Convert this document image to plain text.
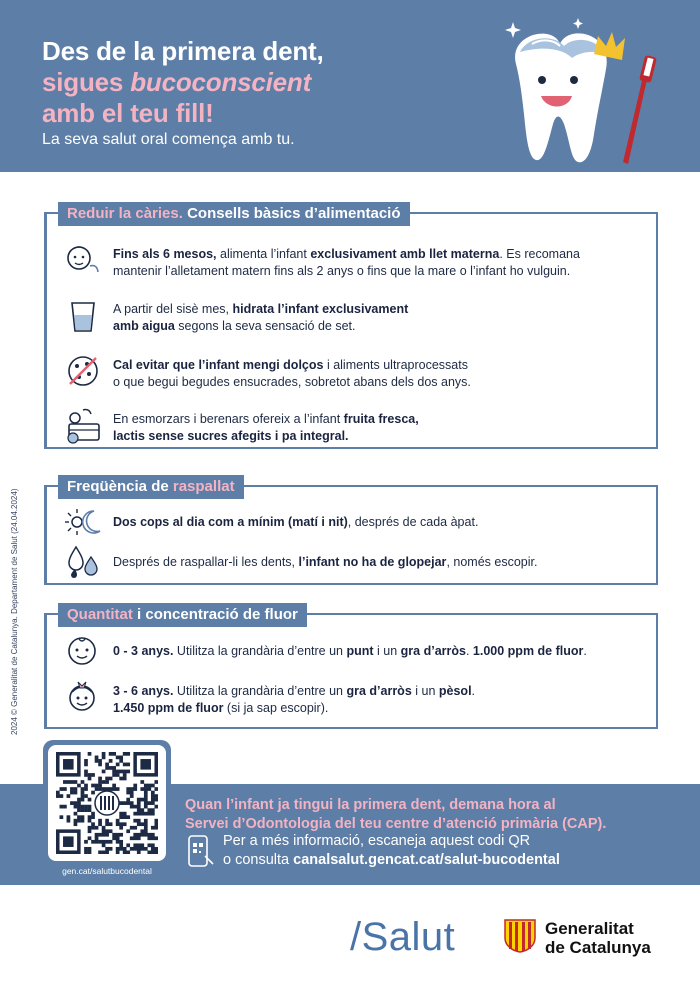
Des de la primera dent,
sigues bucoconscient
amb el teu fill!
La seva salut oral comença amb tu.
2024 © Generalitat de Catalunya. Departament de Salut (24.04.2024)
Reduir la càries. Consells bàsics d’alimentació
Fins als 6 mesos, alimenta l’infant exclusivament amb llet materna. Es recomana mantenir l’alletament matern fins als 2 anys o fins que la mare o l’infant ho vulguin.
A partir del sisè mes, hidrata l’infant exclusivament
amb aigua segons la seva sensació de set.
Cal evitar que l’infant mengi dolços i aliments ultraprocessats
o que begui begudes ensucrades, sobretot abans dels dos anys.
En esmorzars i berenars ofereix a l’infant fruita fresca,
lactis sense sucres afegits i pa integral.
Freqüència de raspallat
Dos cops al dia com a mínim (matí i nit), després de cada àpat.
Després de raspallar-li les dents, l’infant no ha de glopejar, només escopir.
Quantitat i concentració de fluor
0 - 3 anys. Utilitza la grandària d’entre un punt i un gra d’arròs. 1.000 ppm de fluor.
3 - 6 anys. Utilitza la grandària d’entre un gra d’arròs i un pèsol.
1.450 ppm de fluor (si ja sap escopir).
Quan l’infant ja tingui la primera dent, demana hora al
Servei d’Odontologia del teu centre d’atenció primària (CAP).
Per a més informació, escaneja aquest codi QR
o consulta canalsalut.gencat.cat/salut-bucodental
gen.cat/salutbucodental
/Salut	Generalitat
de Catalunya
